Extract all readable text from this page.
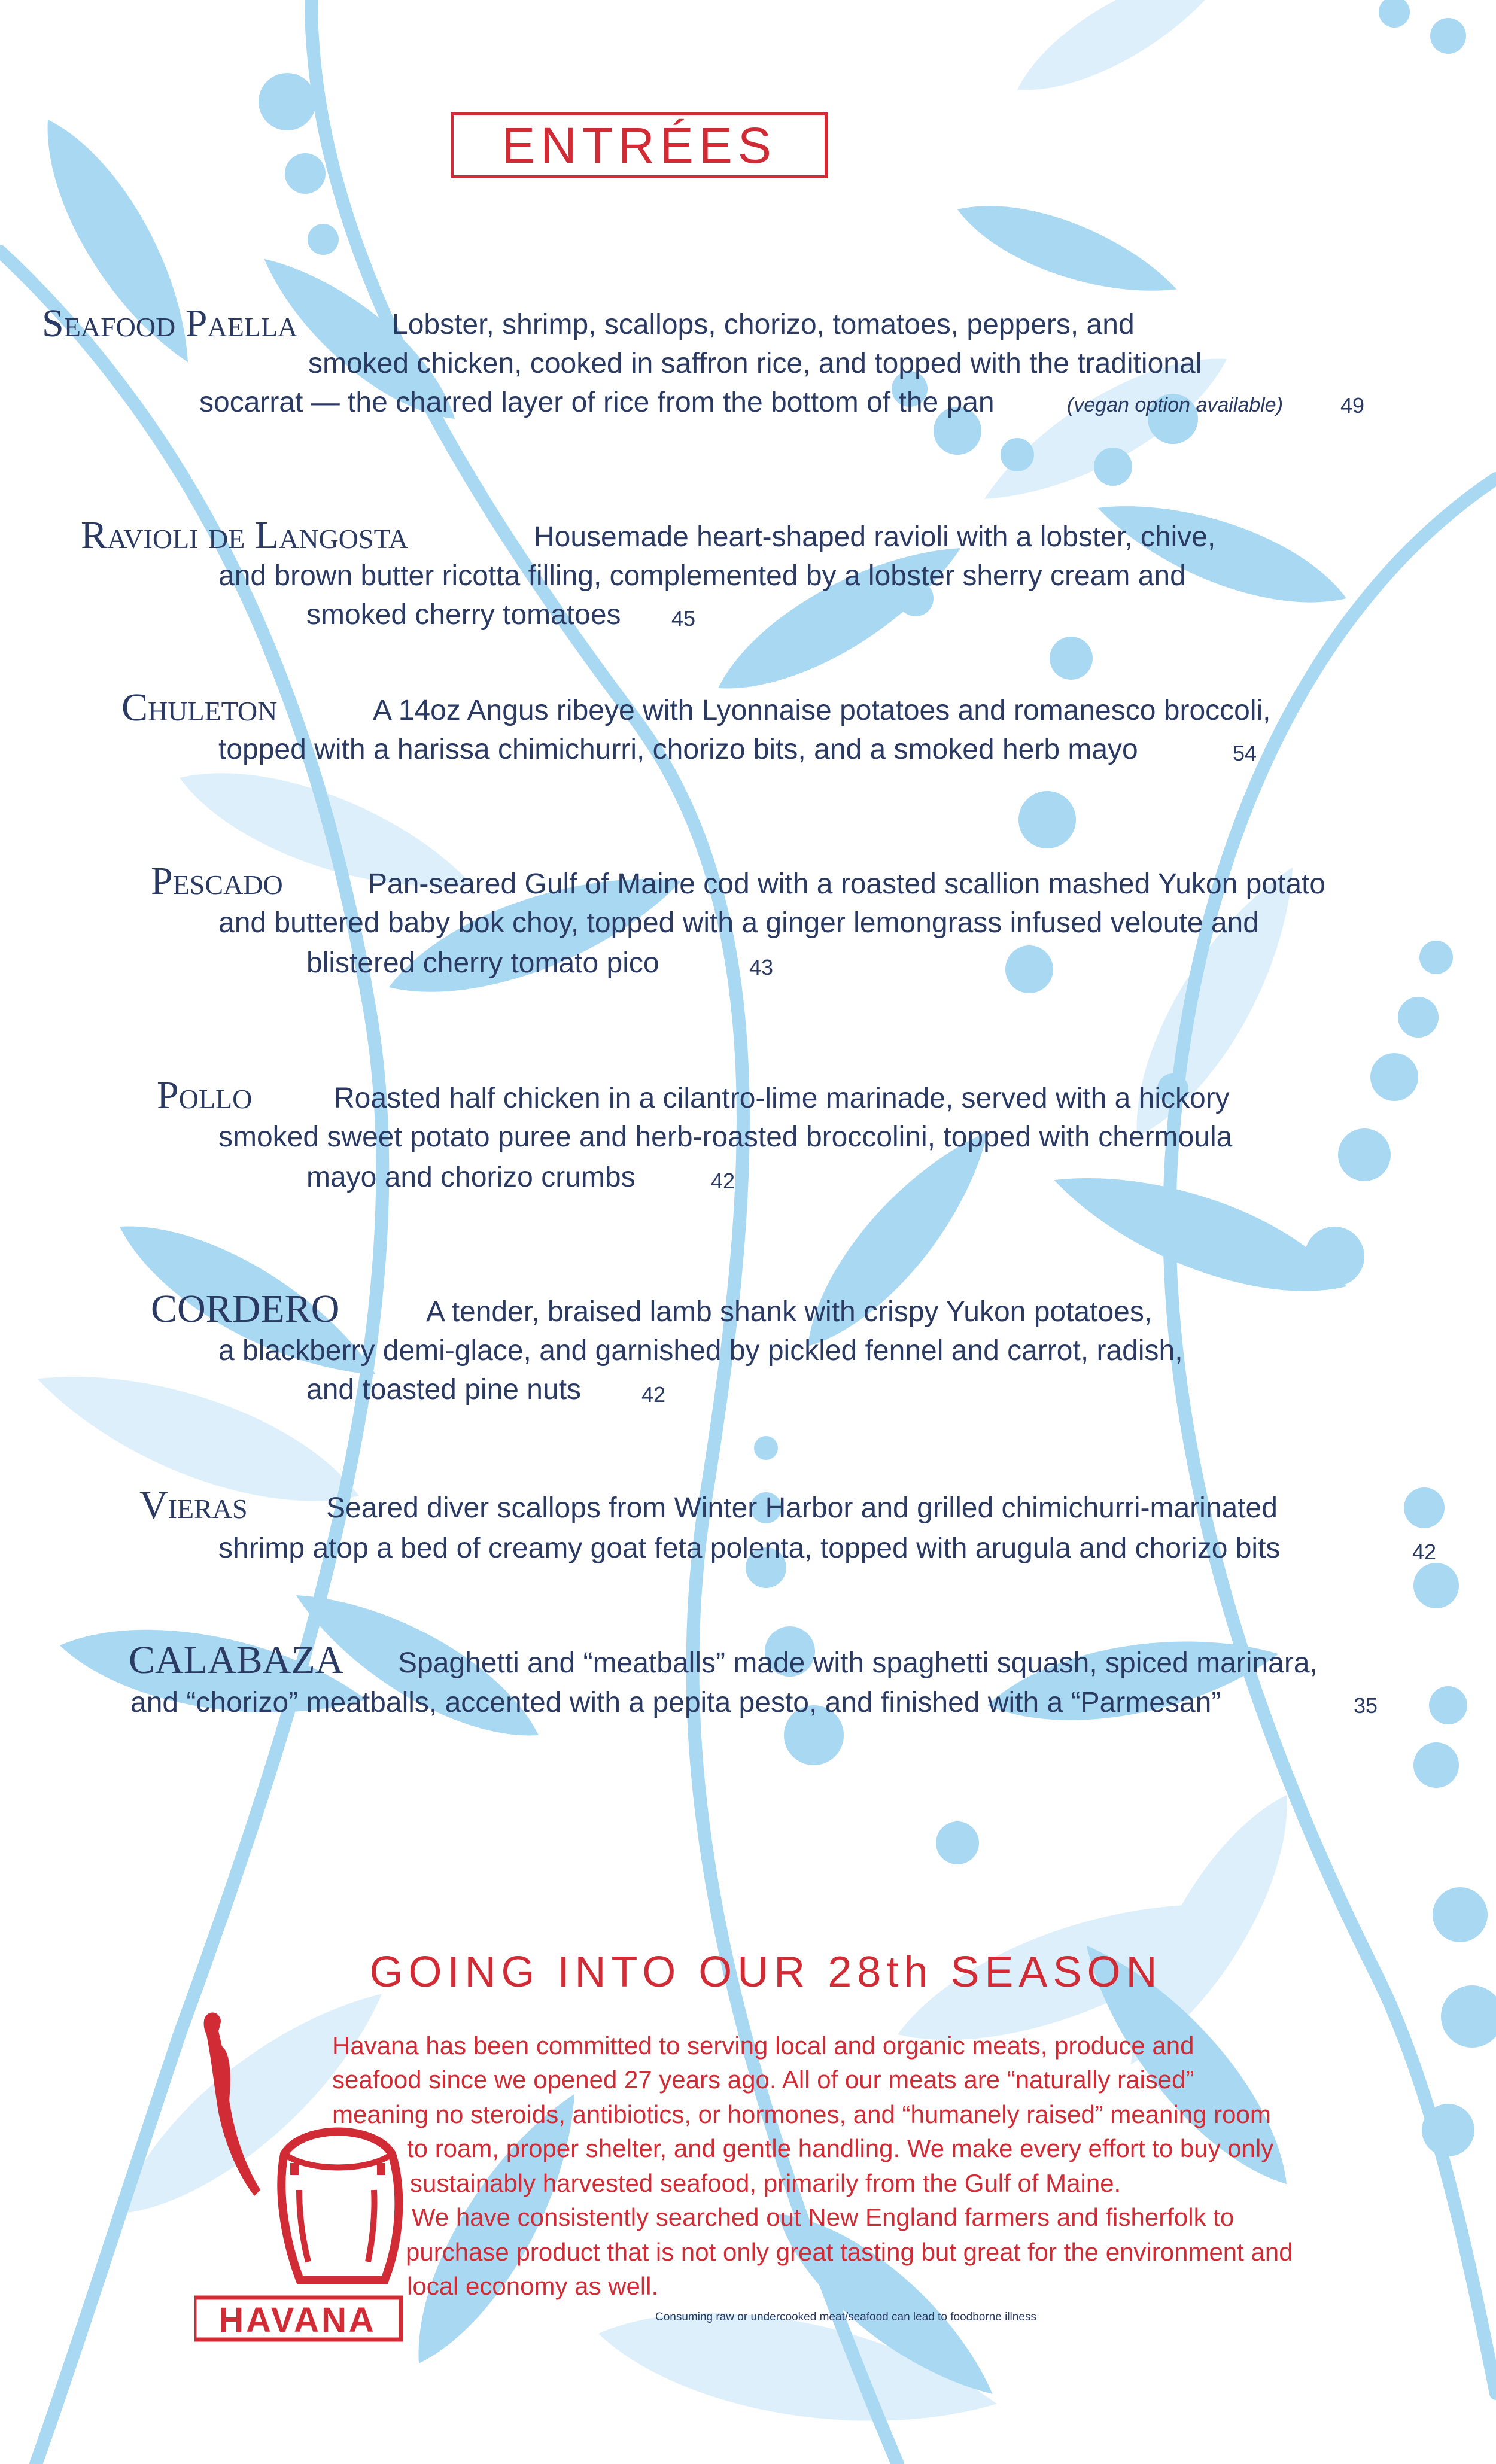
ENTRÉES
Seafood Paella	Lobster, shrimp, scallops, chorizo, tomatoes, peppers, and
smoked chicken, cooked in saffron rice, and topped with the traditional
socarrat — the charred layer of rice from the bottom of the pan	(vegan option available)	49
Ravioli de Langosta	Housemade heart-shaped ravioli with a lobster, chive,
and brown butter ricotta filling, complemented by a lobster sherry cream and
smoked cherry tomatoes 45
Chuleton	A 14oz Angus ribeye with Lyonnaise potatoes and romanesco broccoli,
topped with a harissa chimichurri, chorizo bits, and a smoked herb mayo	54
Pescado	Pan-seared Gulf of Maine cod with a roasted scallion mashed Yukon potato
and buttered baby bok choy, topped with a ginger lemongrass infused veloute and
blistered cherry tomato pico	43
Pollo	Roasted half chicken in a cilantro-lime marinade, served with a hickory
smoked sweet potato puree and herb-roasted broccolini, topped with chermoula
mayo and chorizo crumbs	42
CORDERO	A tender, braised lamb shank with crispy Yukon potatoes,
a blackberry demi-glace, and garnished by pickled fennel and carrot, radish,
and toasted pine nuts	42
Vieras	Seared diver scallops from Winter Harbor and grilled chimichurri-marinated
shrimp atop a bed of creamy goat feta polenta, topped with arugula and chorizo bits	42
CALABAZA Spaghetti and “meatballs” made with spaghetti squash, spiced marinara,
and “chorizo” meatballs, accented with a pepita pesto, and finished with a “Parmesan”	35
GOING INTO OUR 28th SEASON
HAVANA
Havana has been committed to serving local and organic meats, produce and
seafood since we opened 27 years ago. All of our meats are “naturally raised”
meaning no steroids, antibiotics, or hormones, and “humanely raised” meaning room
to roam, proper shelter, and gentle handling. We make every effort to buy only
sustainably harvested seafood, primarily from the Gulf of Maine.
We have consistently searched out New England farmers and fisherfolk to
purchase product that is not only great tasting but great for the environment and
local economy as well.
Consuming raw or undercooked meat/seafood can lead to foodborne illness
